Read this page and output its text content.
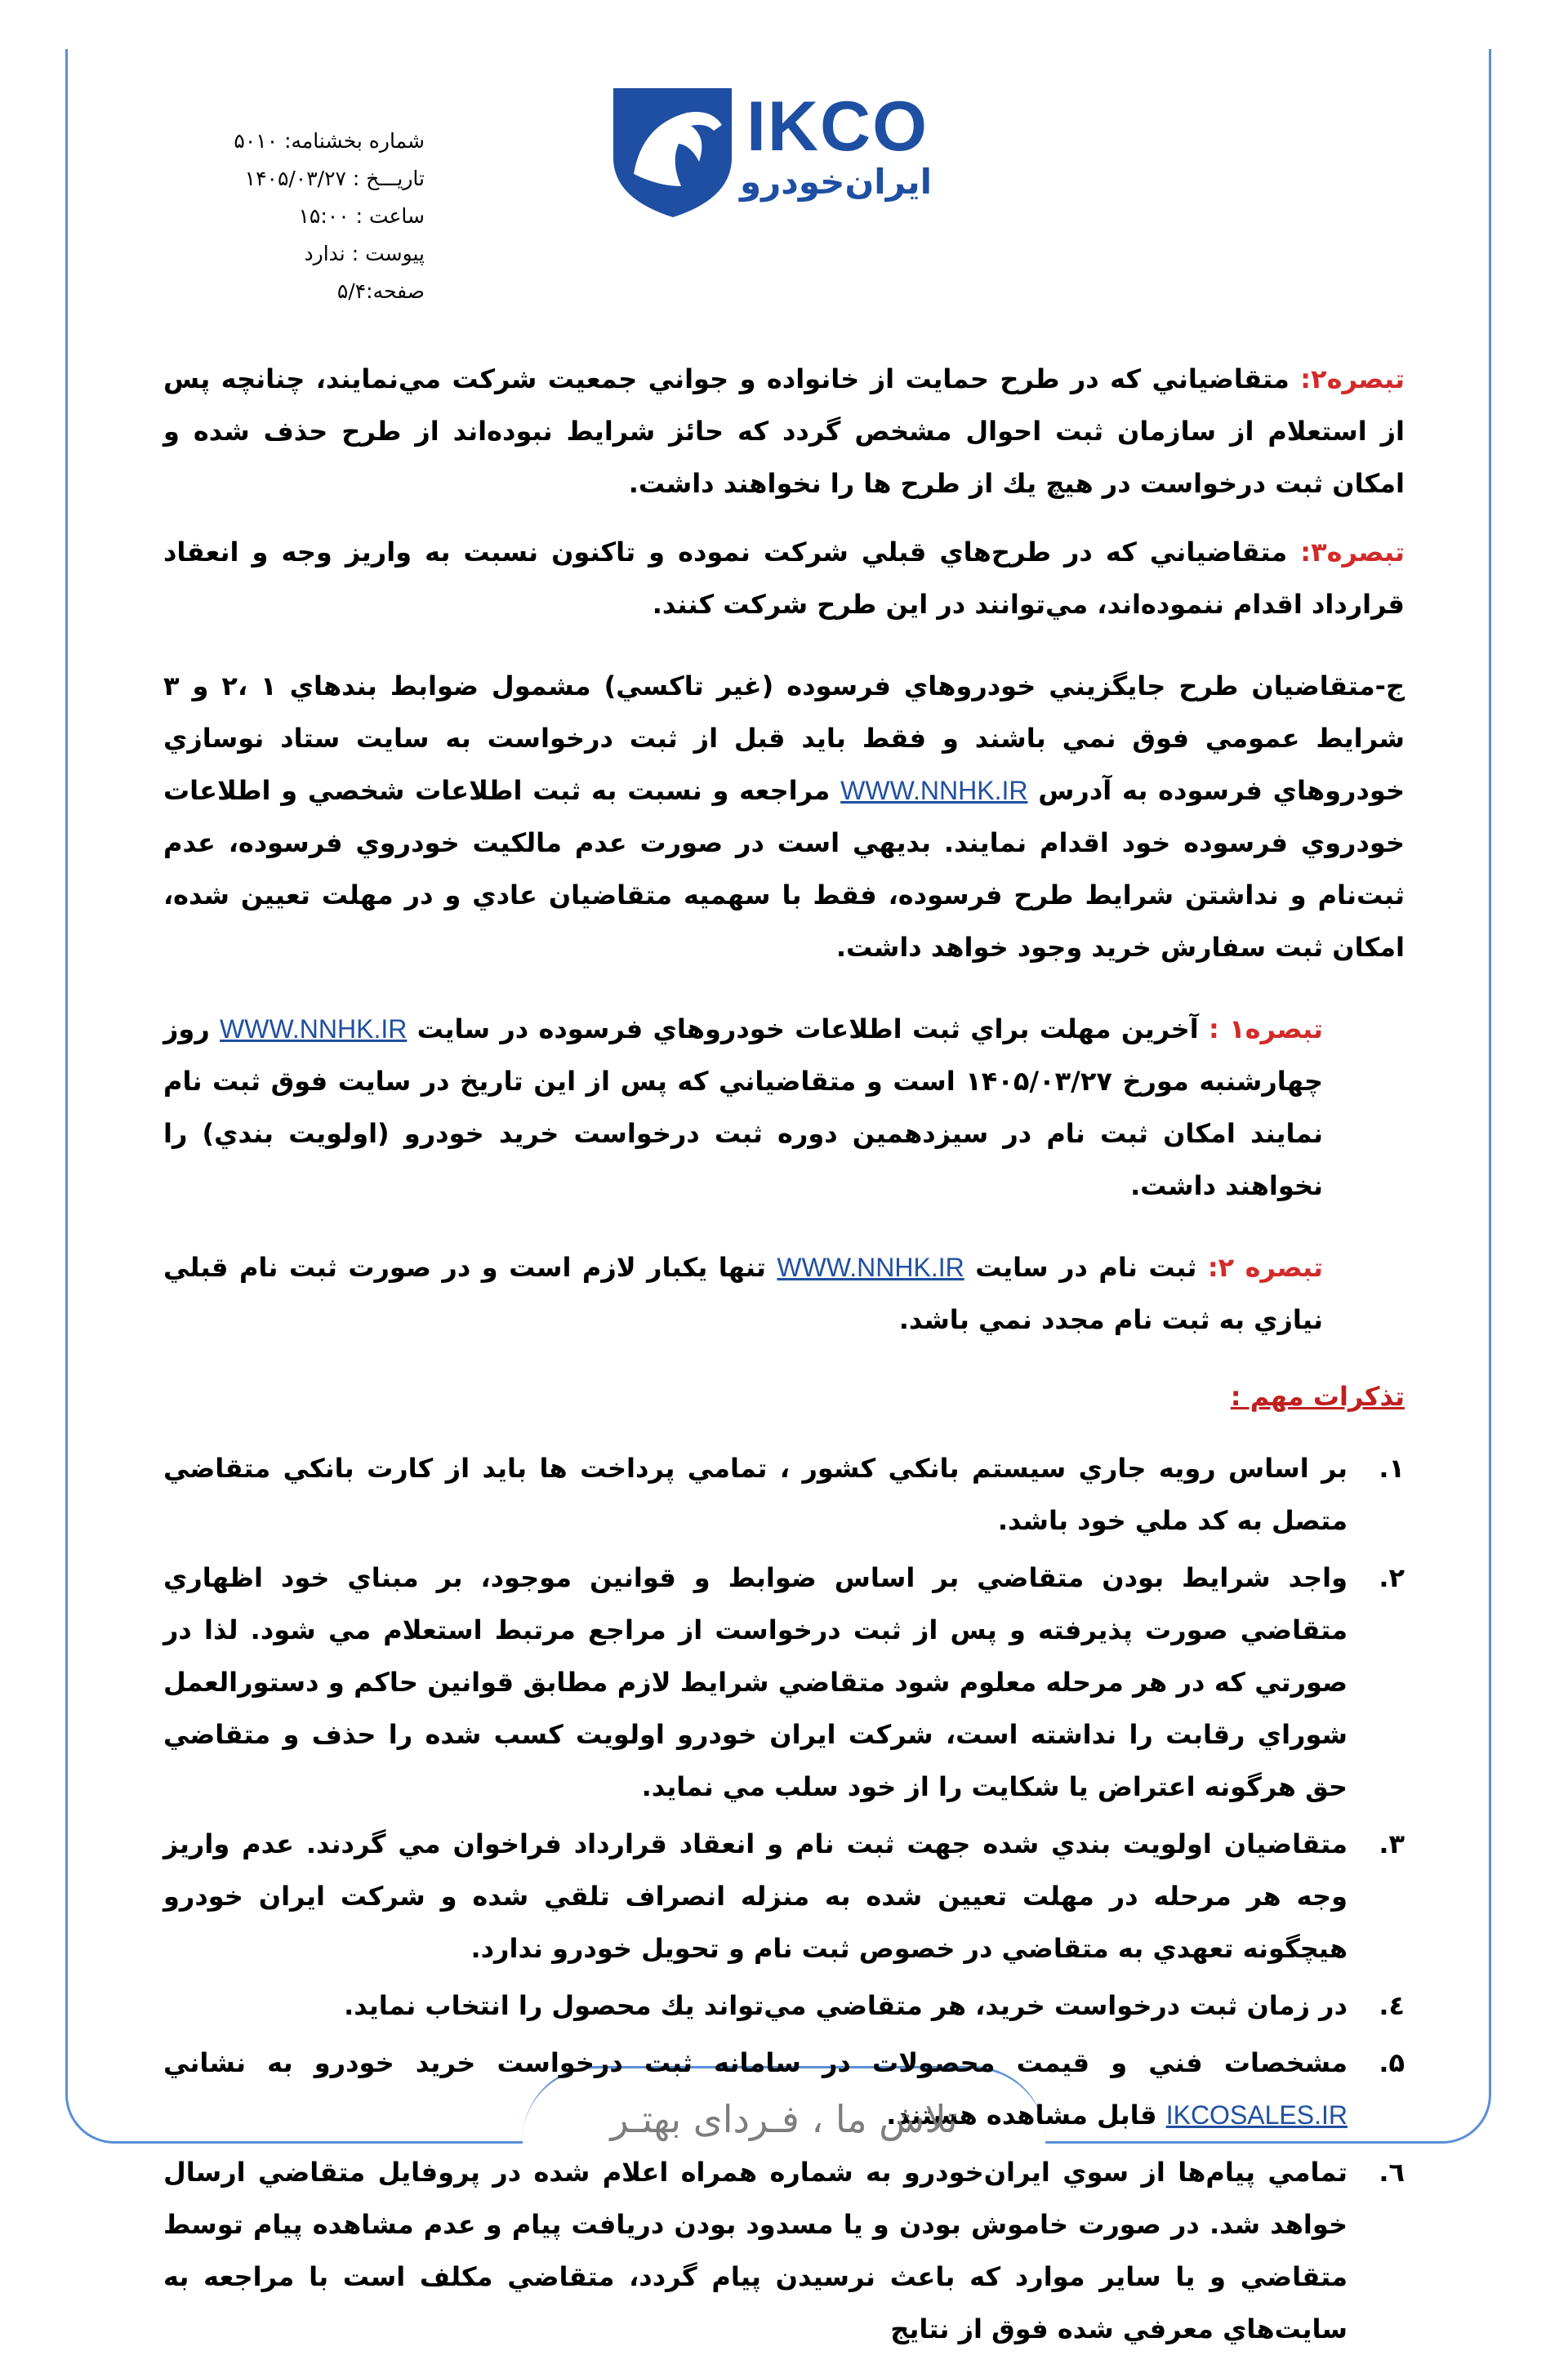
IKCO
ایران‌خودرو
شماره بخشنامه: ۵۰۱۰
تاریـــخ : ۱۴۰۵/۰۳/۲۷
ساعت : ۱۵:۰۰
پیوست : ندارد
صفحه:۵/۴

تبصره۲: متقاضياني كه در طرح حمايت از خانواده و جواني جمعيت شركت مي‌نمايند، چنانچه پس از استعلام از سازمان ثبت احوال مشخص گردد كه حائز شرايط نبوده‌اند از طرح حذف شده و امكان ثبت درخواست در هيچ يك از طرح ها را نخواهند داشت.

تبصره۳: متقاضياني كه در طرح‌هاي قبلي شركت نموده و تاكنون نسبت به واريز وجه و انعقاد قرارداد اقدام ننموده‌اند، مي‌توانند در اين طرح شركت كنند.

ج-متقاضيان طرح جايگزيني خودروهاي فرسوده (غير تاكسي) مشمول ضوابط بندهاي ۱ ،۲ و ۳ شرايط عمومي فوق نمي باشند و فقط بايد قبل از ثبت درخواست به سايت ستاد نوسازي خودروهاي فرسوده به آدرس WWW.NNHK.IR مراجعه و نسبت به ثبت اطلاعات شخصي و اطلاعات خودروي فرسوده خود اقدام نمايند. بديهي است در صورت عدم مالكيت خودروي فرسوده، عدم ثبت‌نام و نداشتن شرايط طرح فرسوده، فقط با سهميه متقاضيان عادي و در مهلت تعيين شده، امكان ثبت سفارش خريد وجود خواهد داشت.

تبصره۱ : آخرين مهلت براي ثبت اطلاعات خودروهاي فرسوده در سايت WWW.NNHK.IR روز چهارشنبه مورخ ۱۴۰۵/۰۳/۲۷ است و متقاضياني كه پس از اين تاريخ در سايت فوق ثبت نام نمايند امكان ثبت نام در سيزدهمين دوره ثبت درخواست خريد خودرو (اولويت بندي) را نخواهند داشت.

تبصره ۲: ثبت نام در سايت WWW.NNHK.IR تنها يكبار لازم است و در صورت ثبت نام قبلي نيازي به ثبت نام مجدد نمي باشد.

تذكرات مهم :
۱.
بر اساس رويه جاري سيستم بانكي كشور ، تمامي پرداخت ها بايد از كارت بانكي متقاضي متصل به كد ملي خود باشد.
۲.
واجد شرايط بودن متقاضي بر اساس ضوابط و قوانين موجود، بر مبناي خود اظهاري متقاضي صورت پذيرفته و پس از ثبت درخواست از مراجع مرتبط استعلام مي شود. لذا در صورتي كه در هر مرحله معلوم شود متقاضي شرايط لازم مطابق قوانين حاكم و دستورالعمل شوراي رقابت را نداشته است، شركت ايران خودرو اولويت كسب شده را حذف و متقاضي حق هرگونه اعتراض يا شكايت را از خود سلب مي نمايد.
۳.
متقاضيان اولويت بندي شده جهت ثبت نام و انعقاد قرارداد فراخوان مي گردند. عدم واريز وجه هر مرحله در مهلت تعيين شده به منزله انصراف تلقي شده و شركت ايران خودرو هيچگونه تعهدي به متقاضي در خصوص ثبت نام و تحويل خودرو ندارد.
٤.
در زمان ثبت درخواست خريد، هر متقاضي مي‌تواند يك محصول را انتخاب نمايد.
۵.
مشخصات فني و قيمت محصولات در سامانه ثبت درخواست خريد خودرو به نشاني IKCOSALES.IR قابل مشاهده هستند.
٦.
تمامي پيام‌ها از سوي ايران‌خودرو به شماره همراه اعلام شده در پروفايل متقاضي ارسال خواهد شد. در صورت خاموش بودن و يا مسدود بودن دريافت پيام و عدم مشاهده پيام توسط متقاضي و يا ساير موارد كه باعث نرسيدن پيام گردد، متقاضي مكلف است با مراجعه به سايت‌هاي معرفي شده فوق از نتايج
تلاش ما ، فـردای بهتـر
